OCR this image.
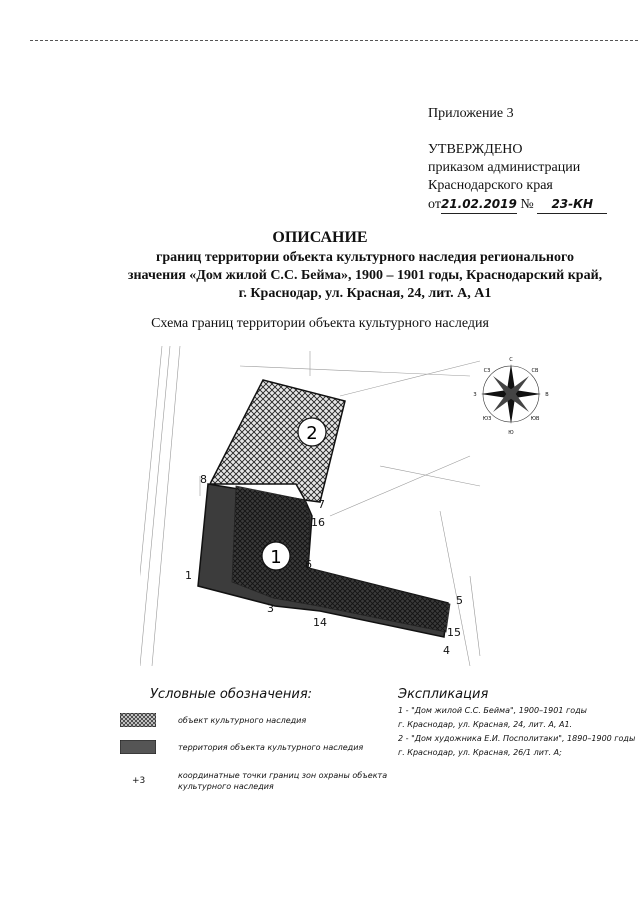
Приложение 3
УТВЕРЖДЕНО
приказом администрации
Краснодарского края
от21.02.2019 № 23-КН
ОПИСАНИЕ
границ территории объекта культурного наследия регионального
значения «Дом жилой С.С. Бейма», 1900 – 1901 годы, Краснодарский край,
г. Краснодар, ул. Красная, 24, лит. А, А1
Схема границ территории объекта культурного наследия
2
1
8
7
16
6
1
3
14
5
15
4
С
Ю
З	В
СЗ	СВ
ЮЗ	ЮВ
Условные обозначения:
объект культурного наследия
территория объекта культурного наследия
+3
координатные точки границ зон охраны объекта
культурного наследия
Экспликация
1 - "Дом жилой С.С. Бейма", 1900–1901 годы
г. Краснодар, ул. Красная, 24, лит. А, А1.
2 - "Дом художника Е.И. Посполитаки", 1890–1900 годы
г. Краснодар, ул. Красная, 26/1 лит. А;
